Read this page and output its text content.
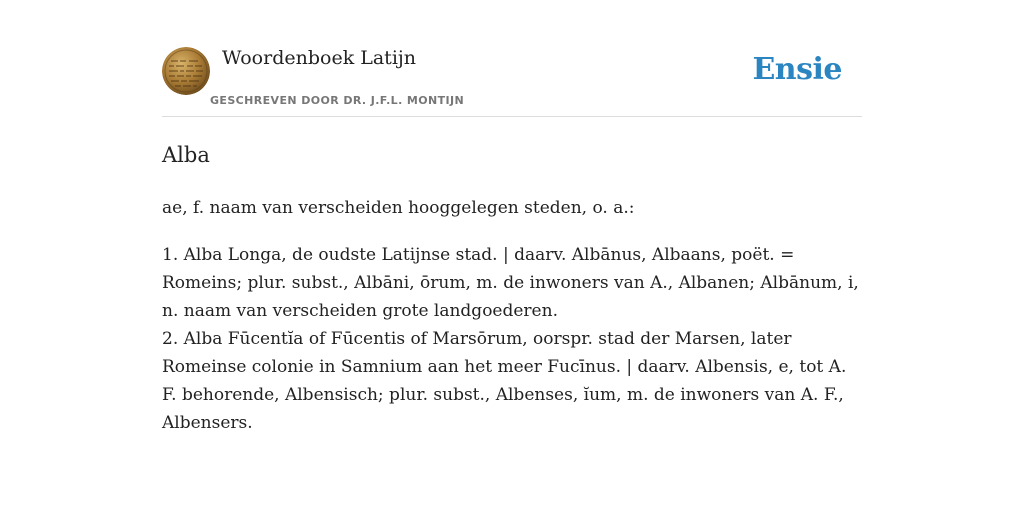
Woordenboek Latijn
GESCHREVEN DOOR DR. J.F.L. MONTIJN
Ensie
Alba

ae, f. naam van verscheiden hooggelegen steden, o. a.:

1. Alba Longa, de oudste Latijnse stad. | daarv. Albānus, Albaans, poët. = Romeins; plur. subst., Albāni, ōrum, m. de inwoners van A., Albanen; Albānum, i, n. naam van verscheiden grote landgoederen.

2. Alba Fūcentĭa of Fūcentis of Marsōrum, oorspr. stad der Marsen, later Romeinse colonie in Samnium aan het meer Fucīnus. | daarv. Albensis, e, tot A. F. behorende, Albensisch; plur. subst., Albenses, ĭum, m. de inwoners van A. F., Albensers.
